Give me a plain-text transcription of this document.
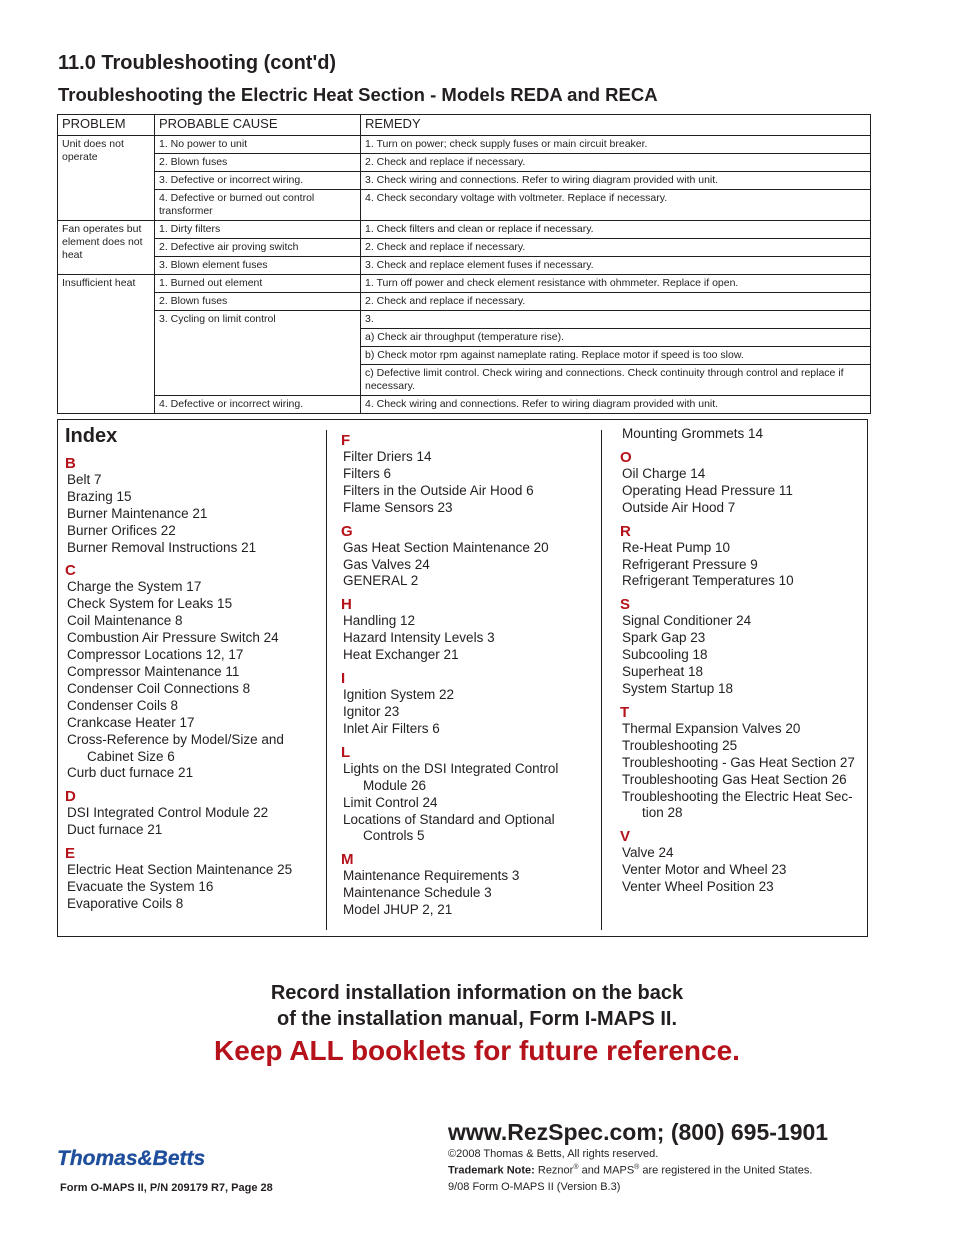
11.0 Troubleshooting (cont'd)
Troubleshooting the Electric Heat Section - Models REDA and RECA
PROBLEM	PROBABLE CAUSE	REMEDY
Unit does not operate	1. No power to unit	1. Turn on power; check supply fuses or main circuit breaker.
	2. Blown fuses	2. Check and replace if necessary.
	3. Defective or incorrect wiring.	3. Check wiring and connections. Refer to wiring diagram provided with unit.
	4. Defective or burned out control transformer	4. Check secondary voltage with voltmeter. Replace if necessary.
Fan operates but element does not heat	1. Dirty filters	1. Check filters and clean or replace if necessary.
	2. Defective air proving switch	2. Check and replace if necessary.
	3. Blown element fuses	3. Check and replace element fuses if necessary.
Insufficient heat	1. Burned out element	1. Turn off power and check element resistance with ohmmeter. Replace if open.
	2. Blown fuses	2. Check and replace if necessary.
	3. Cycling on limit control	3.
		a) Check air throughput (temperature rise).
		b) Check motor rpm against nameplate rating. Replace motor if speed is too slow.
		c) Defective limit control. Check wiring and connections. Check continuity through control and replace if necessary.
	4. Defective or incorrect wiring.	4. Check wiring and connections. Refer to wiring diagram provided with unit.
Index
B
Belt 7
Brazing 15
Burner Maintenance 21
Burner Orifices 22
Burner Removal Instructions 21
C
Charge the System 17
Check System for Leaks 15
Coil Maintenance 8
Combustion Air Pressure Switch 24
Compressor Locations 12, 17
Compressor Maintenance 11
Condenser Coil Connections 8
Condenser Coils 8
Crankcase Heater 17
Cross-Reference by Model/Size and Cabinet Size 6
Curb duct furnace 21
D
DSI Integrated Control Module 22
Duct furnace 21
E
Electric Heat Section Maintenance 25
Evacuate the System 16
Evaporative Coils 8
F
Filter Driers 14
Filters 6
Filters in the Outside Air Hood 6
Flame Sensors 23
G
Gas Heat Section Maintenance 20
Gas Valves 24
GENERAL 2
H
Handling 12
Hazard Intensity Levels 3
Heat Exchanger 21
I
Ignition System 22
Ignitor 23
Inlet Air Filters 6
L
Lights on the DSI Integrated Control Module 26
Limit Control 24
Locations of Standard and Optional Controls 5
M
Maintenance Requirements 3
Maintenance Schedule 3
Model JHUP 2, 21
Mounting Grommets 14
O
Oil Charge 14
Operating Head Pressure 11
Outside Air Hood 7
R
Re-Heat Pump 10
Refrigerant Pressure 9
Refrigerant Temperatures 10
S
Signal Conditioner 24
Spark Gap 23
Subcooling 18
Superheat 18
System Startup 18
T
Thermal Expansion Valves 20
Troubleshooting 25
Troubleshooting - Gas Heat Section 27
Troubleshooting Gas Heat Section 26
Troubleshooting the Electric Heat Sec-tion 28
V
Valve 24
Venter Motor and Wheel 23
Venter Wheel Position 23
Record installation information on the back
of the installation manual, Form I-MAPS II.
Keep ALL booklets for future reference.
www.RezSpec.com; (800) 695-1901
©2008 Thomas & Betts, All rights reserved.
Trademark Note: Reznor® and MAPS® are registered in the United States.
9/08 Form O-MAPS II (Version B.3)
Form O-MAPS II, P/N 209179 R7, Page 28
Thomas&Betts
